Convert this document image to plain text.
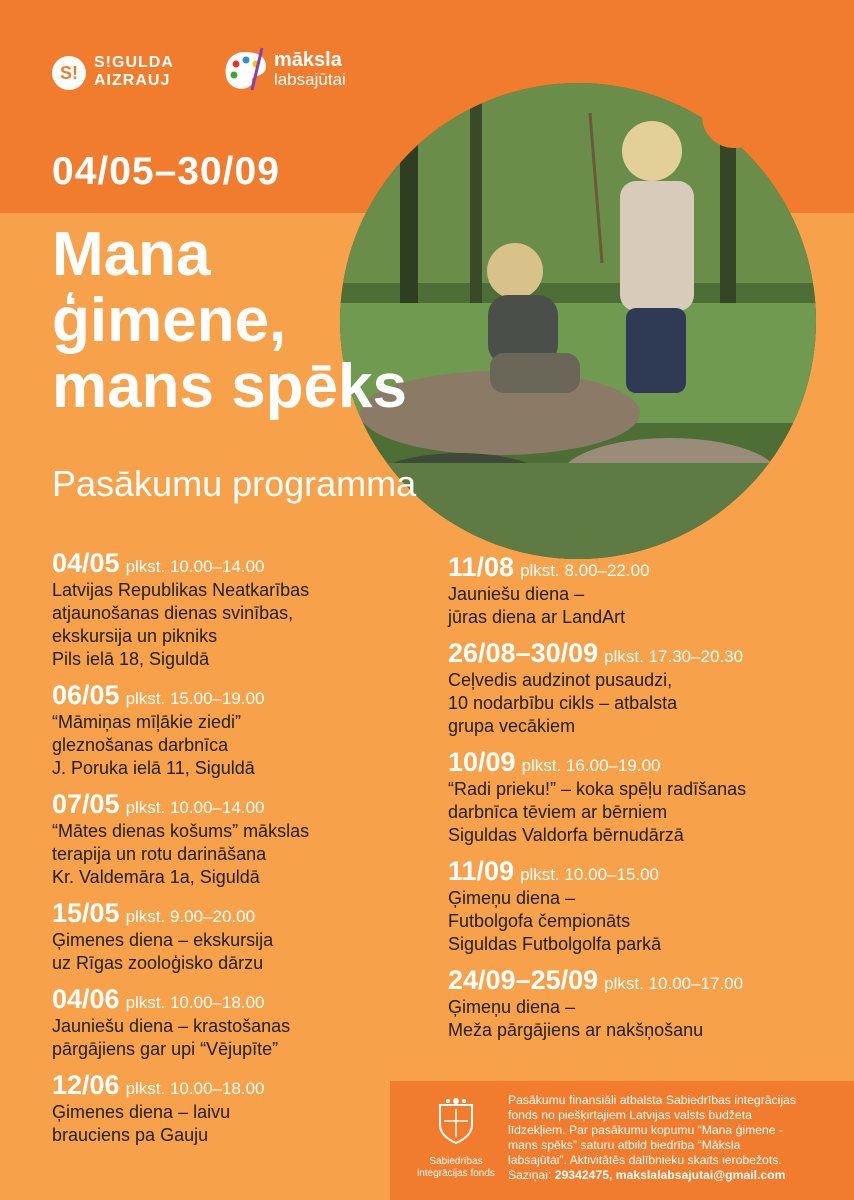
S!	S!GULDA
AIZRAUJ
māksla
labsajūtai
04/05–30/09
Mana
ģimene,
mans spēks
Pasākumu programma
04/05 plkst. 10.00–14.00
Latvijas Republikas Neatkarības
atjaunošanas dienas svinības,
ekskursija un pikniks
Pils ielā 18, Siguldā
06/05 plkst. 15.00–19.00
“Māmiņas mīļākie ziedi”
gleznošanas darbnīca
J. Poruka ielā 11, Siguldā
07/05 plkst. 10.00–14.00
“Mātes dienas košums” mākslas
terapija un rotu darināšana
Kr. Valdemāra 1a, Siguldā
15/05 plkst. 9.00–20.00
Ģimenes diena – ekskursija
uz Rīgas zooloģisko dārzu
04/06 plkst. 10.00–18.00
Jauniešu diena – krastošanas
pārgājiens gar upi “Vējupīte”
12/06 plkst. 10.00–18.00
Ģimenes diena – laivu
brauciens pa Gauju
11/08 plkst. 8.00–22.00
Jauniešu diena –
jūras diena ar LandArt
26/08–30/09 plkst. 17.30–20.30
Ceļvedis audzinot pusaudzi,
10 nodarbību cikls – atbalsta
grupa vecākiem
10/09 plkst. 16.00–19.00
“Radi prieku!” – koka spēļu radīšanas
darbnīca tēviem ar bērniem
Siguldas Valdorfa bērnudārzā
11/09 plkst. 10.00–15.00
Ģimeņu diena –
Futbolgofa čempionāts
Siguldas Futbolgolfa parkā
24/09–25/09 plkst. 10.00–17.00
Ģimeņu diena –
Meža pārgājiens ar nakšņošanu
Sabiedrības integrācijas fonds
Pasākumu finansiāli atbalsta Sabiedrības integrācijas
fonds no piešķirtajiem Latvijas valsts budžeta
līdzekļiem. Par pasākumu kopumu “Mana ģimene -
mans spēks” saturu atbild biedrība “Māksla
labsajūtai”. Aktivitātēs dalībnieku skaits ierobežots.
Saziņai: 29342475, makslalabsajutai@gmail.com
